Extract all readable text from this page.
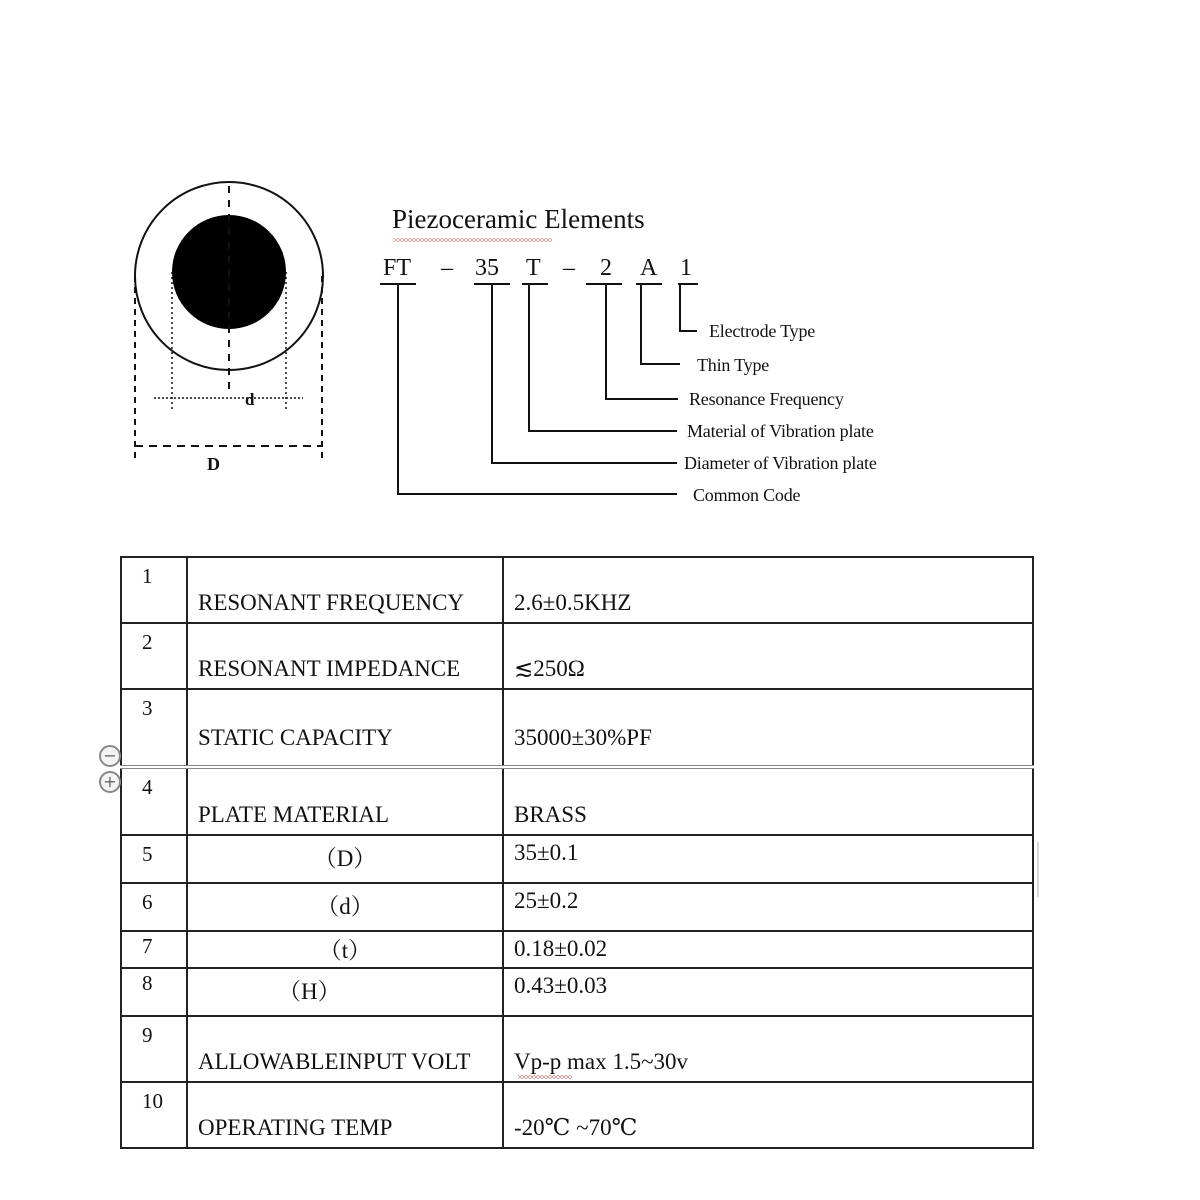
Piezoceramic Elements
FT – 35 T – 2 A 1
Electrode Type
Thin Type
Resonance Frequency
Material of Vibration plate
Diameter of Vibration plate
Common Code
d
D
1	RESONANT FREQUENCY	2.6±0.5KHZ
2	RESONANT IMPEDANCE	≲250Ω
3	STATIC CAPACITY	35000±30%PF
4	PLATE MATERIAL	BRASS
5	（D）	35±0.1
6	（d）	25±0.2
7	（t）	0.18±0.02
8	（H）	0.43±0.03
9	ALLOWABLEINPUT VOLT	Vp-p max 1.5~30v
10	OPERATING TEMP	-20℃ ~70℃
−
+
